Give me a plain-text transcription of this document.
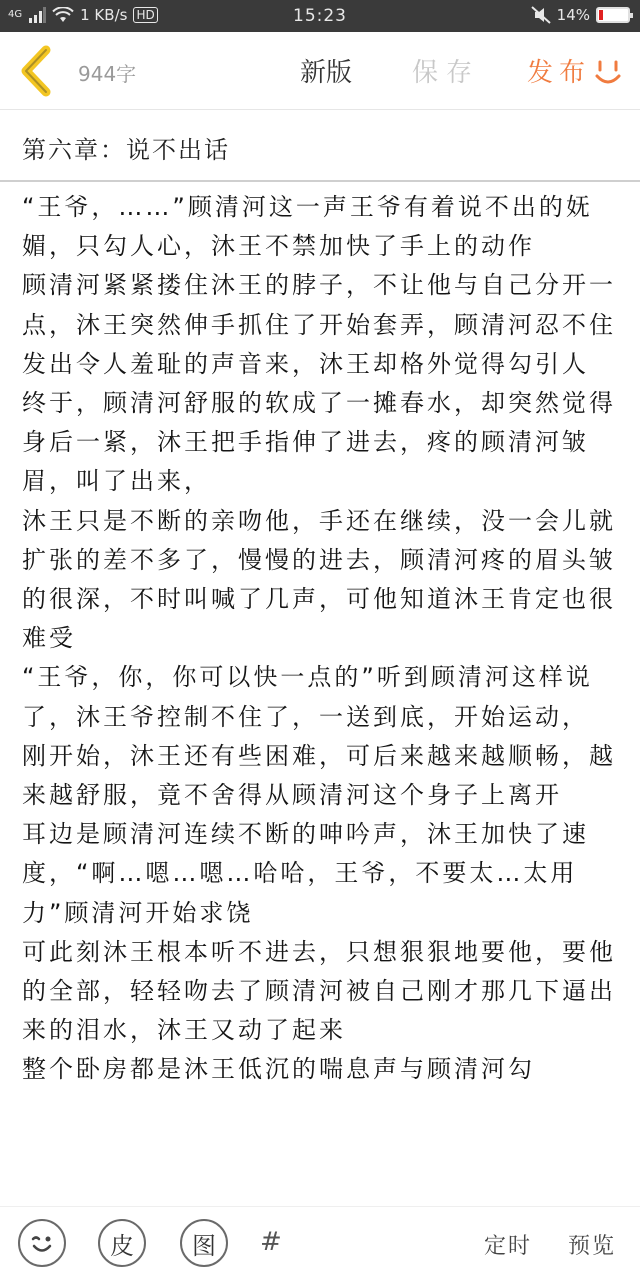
4G	1 KB/s HD	15:23	14%
944字	新版 保存 发布
第六章：说不出话

“王爷，……”顾清河这一声王爷有着说不出的妩媚，只勾人心，沐王不禁加快了手上的动作

顾清河紧紧搂住沐王的脖子，不让他与自己分开一点，沐王突然伸手抓住了开始套弄，顾清河忍不住发出令人羞耻的声音来，沐王却格外觉得勾引人

终于，顾清河舒服的软成了一摊春水，却突然觉得身后一紧，沐王把手指伸了进去，疼的顾清河皱眉，叫了出来，

沐王只是不断的亲吻他，手还在继续，没一会儿就扩张的差不多了，慢慢的进去，顾清河疼的眉头皱的很深，不时叫喊了几声，可他知道沐王肯定也很难受

“王爷，你，你可以快一点的”听到顾清河这样说了，沐王爷控制不住了，一送到底，开始运动，

刚开始，沐王还有些困难，可后来越来越顺畅，越来越舒服，竟不舍得从顾清河这个身子上离开

耳边是顾清河连续不断的呻吟声，沐王加快了速度，“啊…嗯…嗯…哈哈，王爷，不要太…太用力”顾清河开始求饶

可此刻沐王根本听不进去，只想狠狠地要他，要他的全部，轻轻吻去了顾清河被自己刚才那几下逼出来的泪水，沐王又动了起来

整个卧房都是沐王低沉的喘息声与顾清河勾

皮	图	#	定时 预览
